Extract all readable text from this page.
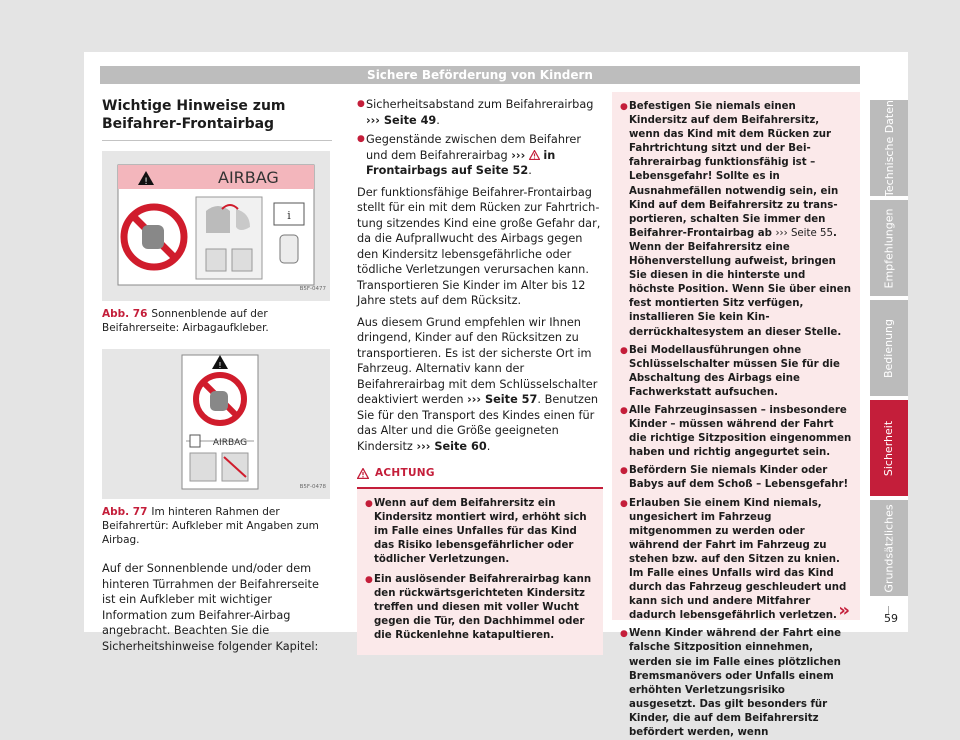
Sichere Beförderung von Kindern
Wichtige Hinweise zum Beifahrer-Frontairbag
!	AIRBAG
i
B5F-0477
Abb. 76 Sonnenblende auf der Beifahrerseite: Airbagaufkleber.
!
AIRBAG
B5F-0478
Abb. 77 Im hinteren Rahmen der Beifahrertür: Aufkleber mit Angaben zum Airbag.

Auf der Sonnenblende und/oder dem hinteren Türrahmen der Beifahrerseite ist ein Aufkleber mit wichtiger Information zum Beifahrer-Airbag angebracht. Beachten Sie die Sicherheitshinweise folgender Kapitel:

● Sicherheitsabstand zum Beifahrerairbag ››› Seite 49.
● Gegenstände zwischen dem Beifahrer und dem Beifahrerairbag ››› in Frontairbags auf Seite 52.

Der funktionsfähige Beifahrer-Frontairbag stellt für ein mit dem Rücken zur Fahrtrichtung sitzendes Kind eine große Gefahr dar, da die Aufprallwucht des Airbags gegen den Kindersitz lebensgefährliche oder tödliche Verletzungen verursachen kann. Transportieren Sie Kinder im Alter bis 12 Jahre stets auf dem Rücksitz.

Aus diesem Grund empfehlen wir Ihnen dringend, Kinder auf den Rücksitzen zu transportieren. Es ist der sicherste Ort im Fahrzeug. Alternativ kann der Beifahrerairbag mit dem Schlüsselschalter deaktiviert werden ››› Seite 57. Benutzen Sie für den Transport des Kindes einen für das Alter und die Größe geeigneten Kindersitz ››› Seite 60.

ACHTUNG
● Wenn auf dem Beifahrersitz ein Kindersitz montiert wird, erhöht sich im Falle eines Unfalles für das Kind das Risiko lebensgefährlicher oder tödlicher Verletzungen.
● Ein auslösender Beifahrerairbag kann den rückwärtsgerichteten Kindersitz treffen und diesen mit voller Wucht gegen die Tür, den Dachhimmel oder die Rückenlehne katapultieren.
● Befestigen Sie niemals einen Kindersitz auf dem Beifahrersitz, wenn das Kind mit dem Rücken zur Fahrtrichtung sitzt und der Beifahrerairbag funktionsfähig ist – Lebensgefahr! Sollte es in Ausnahmefällen notwendig sein, ein Kind auf dem Beifahrersitz zu transportieren, schalten Sie immer den Beifahrer-Frontairbag ab ››› Seite 55. Wenn der Beifahrersitz eine Höhenverstellung aufweist, bringen Sie diesen in die hinterste und höchste Position. Wenn Sie über einen fest montierten Sitz verfügen, installieren Sie kein Kinderrückhaltesystem an dieser Stelle.
● Bei Modellausführungen ohne Schlüsselschalter müssen Sie für die Abschaltung des Airbags eine Fachwerkstatt aufsuchen.
● Alle Fahrzeuginsassen – insbesondere Kinder – müssen während der Fahrt die richtige Sitzposition eingenommen haben und richtig angegurtet sein.
● Befördern Sie niemals Kinder oder Babys auf dem Schoß – Lebensgefahr!
● Erlauben Sie einem Kind niemals, ungesichert im Fahrzeug mitgenommen zu werden oder während der Fahrt im Fahrzeug zu stehen bzw. auf den Sitzen zu knien. Im Falle eines Unfalls wird das Kind durch das Fahrzeug geschleudert und kann sich und andere Mitfahrer dadurch lebensgefährlich verletzen.
● Wenn Kinder während der Fahrt eine falsche Sitzposition einnehmen, werden sie im Falle eines plötzlichen Bremsmanövers oder Unfalls einem erhöhten Verletzungsrisiko ausgesetzt. Das gilt besonders für Kinder, die auf dem Beifahrersitz befördert werden, wenn
»
Technische Daten
Empfehlungen
Bedienung
Sicherheit
Grundsätzliches
59
